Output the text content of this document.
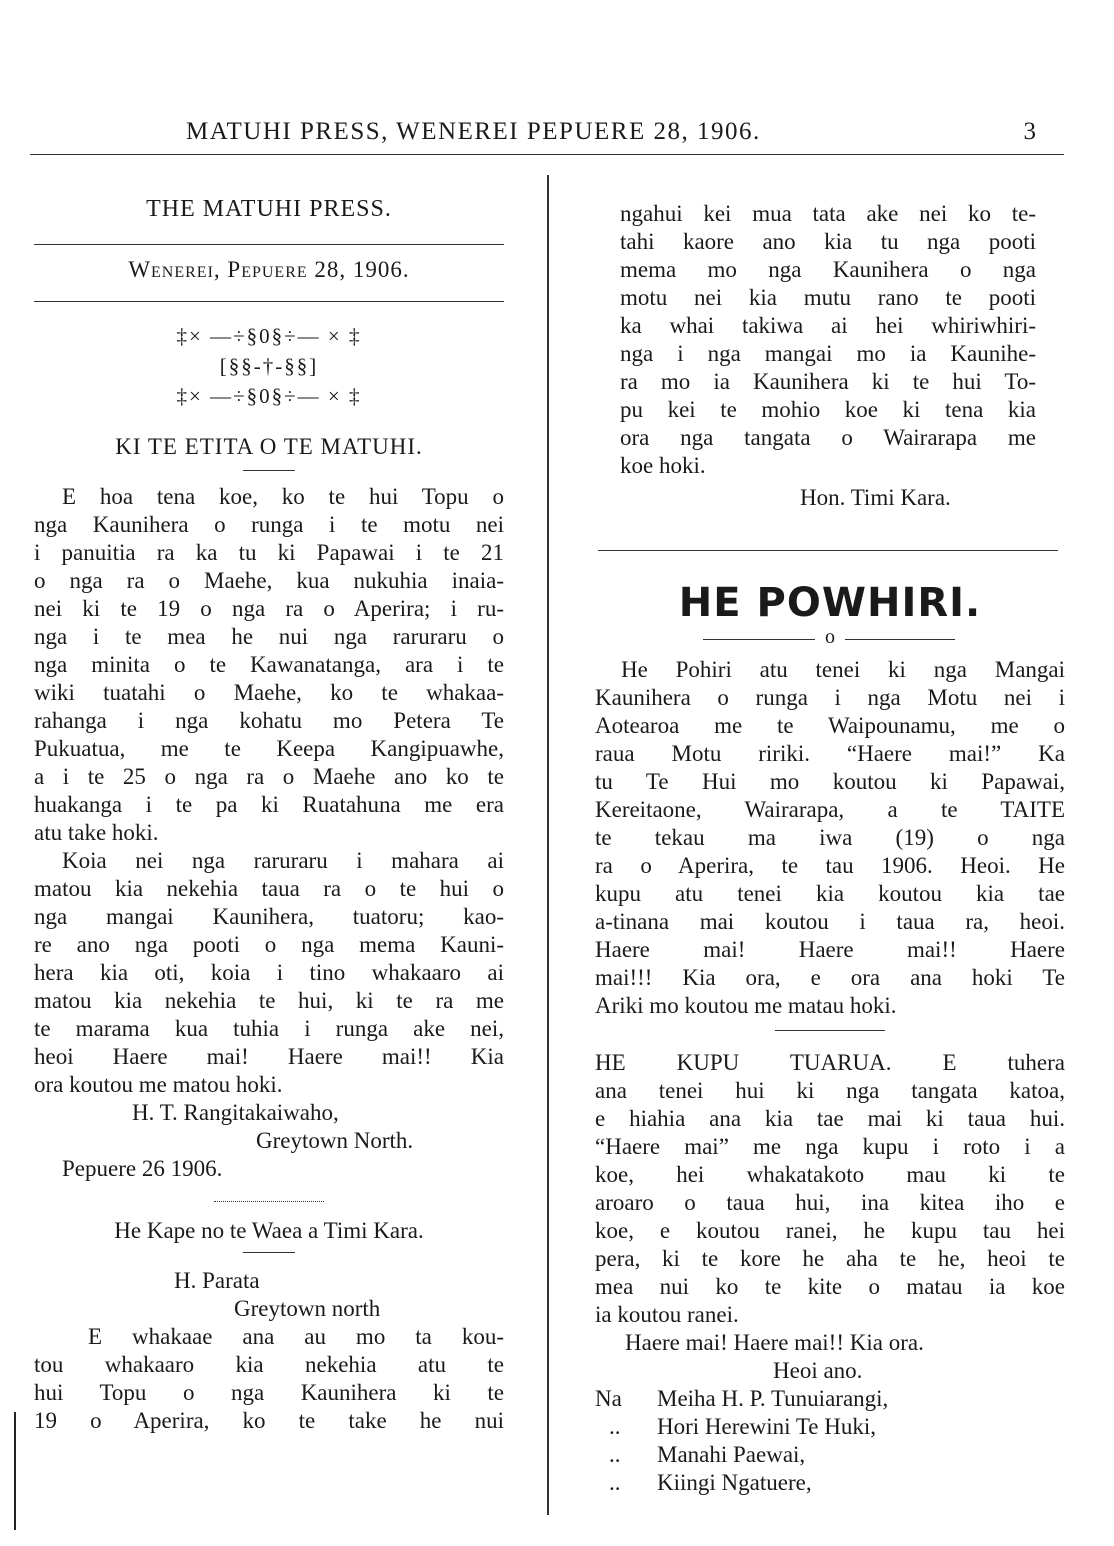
MATUHI PRESS, WENEREI PEPUERE 28, 1906.	3
THE MATUHI PRESS.
Wenerei, Pepuere 28, 1906.
‡× —÷§0§÷— × ‡
[§§-†-§§]
‡× —÷§0§÷— × ‡
KI TE ETITA O TE MATUHI.
E hoa tena koe, ko te hui Topu o
nga Kaunihera o runga i te motu nei
i panuitia ra ka tu ki Papawai i te 21
o nga ra o Maehe, kua nukuhia inaia-
nei ki te 19 o nga ra o Aperira; i ru-
nga i te mea he nui nga raruraru o
nga minita o te Kawanatanga, ara i te
wiki tuatahi o Maehe, ko te whakaa-
rahanga i nga kohatu mo Petera Te
Pukuatua, me te Keepa Kangipuawhe,
a i te 25 o nga ra o Maehe ano ko te
huakanga i te pa ki Ruatahuna me era
atu take hoki.
Koia nei nga raruraru i mahara ai
matou kia nekehia taua ra o te hui o
nga mangai Kaunihera, tuatoru; kao-
re ano nga pooti o nga mema Kauni-
hera kia oti, koia i tino whakaaro ai
matou kia nekehia te hui, ki te ra me
te marama kua tuhia i runga ake nei,
heoi Haere mai! Haere mai!! Kia
ora koutou me matou hoki.
H. T. Rangitakaiwaho,
Greytown North.
Pepuere 26 1906.
He Kape no te Waea a Timi Kara.
H. Parata
Greytown north
E whakaae ana au mo ta kou-
tou whakaaro kia nekehia atu te
hui Topu o nga Kaunihera ki te
19 o Aperira, ko te take he nui
ngahui kei mua tata ake nei ko te-
tahi kaore ano kia tu nga pooti
mema mo nga Kaunihera o nga
motu nei kia mutu rano te pooti
ka whai takiwa ai hei whiriwhiri-
nga i nga mangai mo ia Kaunihe-
ra mo ia Kaunihera ki te hui To-
pu kei te mohio koe ki tena kia
ora nga tangata o Wairarapa me
koe hoki.
Hon. Timi Kara.
HE POWHIRI.
o
He Pohiri atu tenei ki nga Mangai
Kaunihera o runga i nga Motu nei i
Aotearoa me te Waipounamu, me o
raua Motu ririki. “Haere mai!” Ka
tu Te Hui mo koutou ki Papawai,
Kereitaone, Wairarapa, a te TAITE
te tekau ma iwa (19) o nga
ra o Aperira, te tau 1906. Heoi. He
kupu atu tenei kia koutou kia tae
a-tinana mai koutou i taua ra, heoi.
Haere mai! Haere mai!! Haere
mai!!! Kia ora, e ora ana hoki Te
Ariki mo koutou me matau hoki.
HE KUPU TUARUA. E tuhera
ana tenei hui ki nga tangata katoa,
e hiahia ana kia tae mai ki taua hui.
“Haere mai” me nga kupu i roto i a
koe, hei whakatakoto mau ki te
aroaro o taua hui, ina kitea iho e
koe, e koutou ranei, he kupu tau hei
pera, ki te kore he aha te he, heoi te
mea nui ko te kite o matau ia koe
ia koutou ranei.
Haere mai! Haere mai!! Kia ora.
Heoi ano.
Na Meiha H. P. Tunuiarangi,
.. Hori Herewini Te Huki,
.. Manahi Paewai,
.. Kiingi Ngatuere,
